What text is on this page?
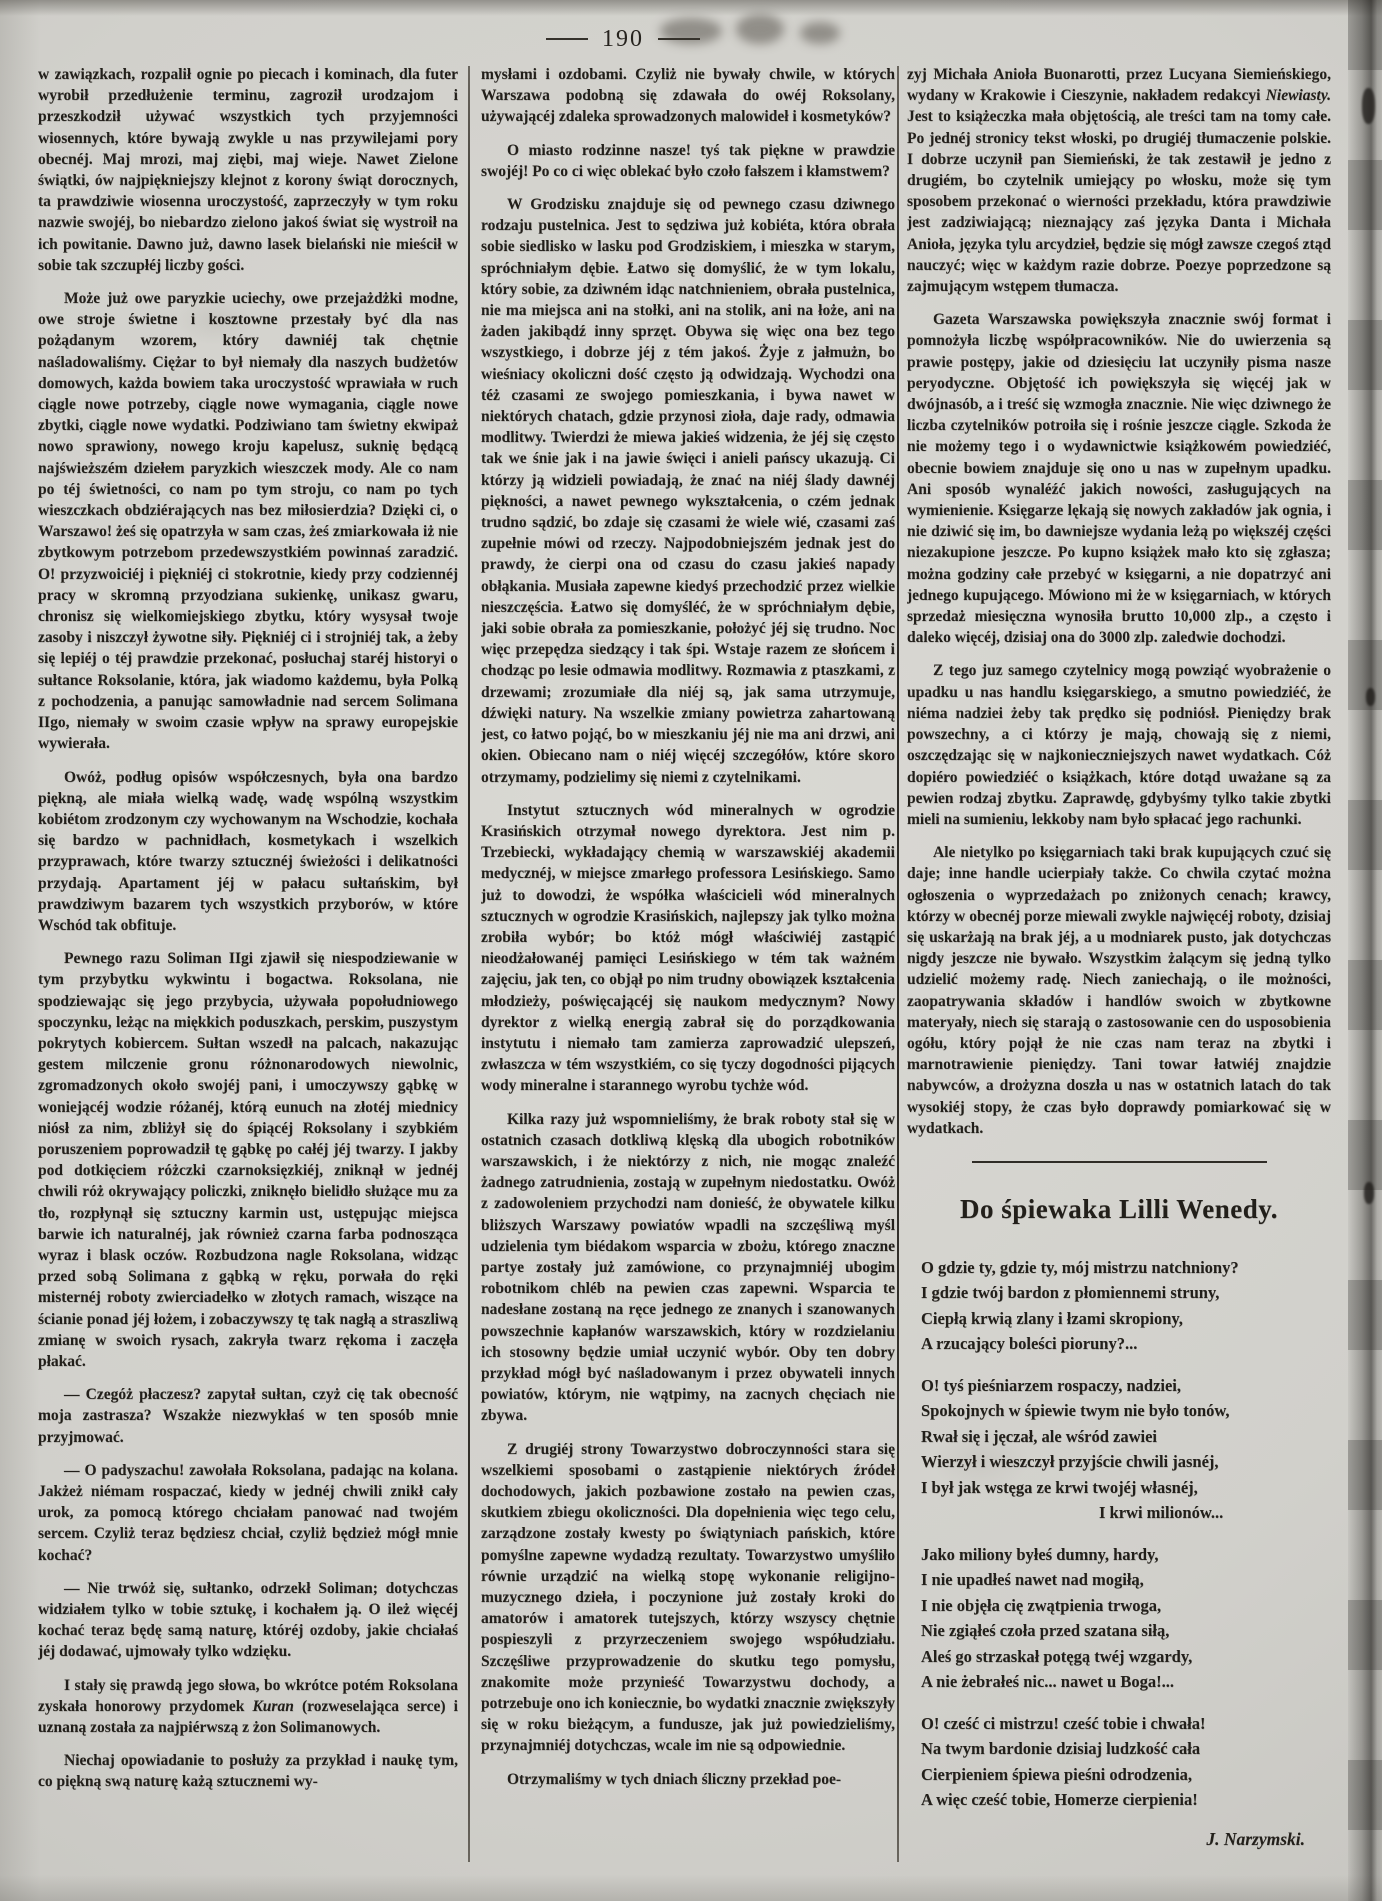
190

w zawiązkach, rozpalił ognie po piecach i kominach, dla futer wyrobił przedłużenie terminu, zagroził urodzajom i przeszkodził używać wszystkich tych przyjemności wiosennych, które bywają zwykle u nas przywilejami pory obecnéj. Maj mrozi, maj ziębi, maj wieje. Nawet Zielone świątki, ów najpiękniejszy klejnot z korony świąt dorocznych, ta prawdziwie wiosenna uroczystość, zaprzeczyły w tym roku nazwie swojéj, bo niebardzo zielono jakoś świat się wystroił na ich powitanie. Dawno już, dawno lasek bielański nie mieścił w sobie tak szczupłéj liczby gości.

Może już owe paryzkie uciechy, owe przejażdżki modne, owe stroje świetne i kosztowne przestały być dla nas pożądanym wzorem, który dawniéj tak chętnie naśladowaliśmy. Ciężar to był niemały dla naszych budżetów domowych, każda bowiem taka uroczystość wprawiała w ruch ciągle nowe potrzeby, ciągle nowe wymagania, ciągle nowe zbytki, ciągle nowe wydatki. Podziwiano tam świetny ekwipaż nowo sprawiony, nowego kroju kapelusz, suknię będącą najświeższém dziełem paryzkich wieszczek mody. Ale co nam po téj świetności, co nam po tym stroju, co nam po tych wieszczkach obdziérających nas bez miłosierdzia? Dzięki ci, o Warszawo! żeś się opatrzyła w sam czas, żeś zmiarkowała iż nie zbytkowym potrzebom przedewszystkiém powinnaś zaradzić. O! przyzwoiciéj i piękniéj ci stokrotnie, kiedy przy codziennéj pracy w skromną przyodziana sukienkę, unikasz gwaru, chronisz się wielkomiejskiego zbytku, który wysysał twoje zasoby i niszczył żywotne siły. Piękniéj ci i strojniéj tak, a żeby się lepiéj o téj prawdzie przekonać, posłuchaj staréj historyi o sułtance Roksolanie, która, jak wiadomo każdemu, była Polką z pochodzenia, a panując samowładnie nad sercem Solimana IIgo, niemały w swoim czasie wpływ na sprawy europejskie wywierała.

Owóż, podług opisów współczesnych, była ona bardzo piękną, ale miała wielką wadę, wadę wspólną wszystkim kobiétom zrodzonym czy wychowanym na Wschodzie, kochała się bardzo w pachnidłach, kosmetykach i wszelkich przyprawach, które twarzy sztucznéj świeżości i delikatności przydają. Apartament jéj w pałacu sułtańskim, był prawdziwym bazarem tych wszystkich przyborów, w które Wschód tak obfituje.

Pewnego razu Soliman IIgi zjawił się niespodziewanie w tym przybytku wykwintu i bogactwa. Roksolana, nie spodziewając się jego przybycia, używała popołudniowego spoczynku, leżąc na miękkich poduszkach, perskim, puszystym pokrytych kobiercem. Sułtan wszedł na palcach, nakazując gestem milczenie gronu różnonarodowych niewolnic, zgromadzonych około swojéj pani, i umoczywszy gąbkę w woniejącéj wodzie różanéj, którą eunuch na złotéj miednicy niósł za nim, zbliżył się do śpiącéj Roksolany i szybkiém poruszeniem poprowadził tę gąbkę po całéj jéj twarzy. I jakby pod dotkięciem różczki czarnoksięzkiéj, zniknął w jednéj chwili róż okrywający policzki, zniknęło bielidło służące mu za tło, rozpłynął się sztuczny karmin ust, ustępując miejsca barwie ich naturalnéj, jak również czarna farba podnosząca wyraz i blask oczów. Rozbudzona nagle Roksolana, widząc przed sobą Solimana z gąbką w ręku, porwała do ręki misternéj roboty zwierciadełko w złotych ramach, wiszące na ścianie ponad jéj łożem, i zobaczywszy tę tak nagłą a straszliwą zmianę w swoich rysach, zakryła twarz rękoma i zaczęła płakać.

— Czegóż płaczesz? zapytał sułtan, czyż cię tak obecność moja zastrasza? Wszakże niezwykłaś w ten sposób mnie przyjmować.

— O padyszachu! zawołała Roksolana, padając na kolana. Jakżeż niémam rospaczać, kiedy w jednéj chwili znikł cały urok, za pomocą którego chciałam panować nad twojém sercem. Czyliż teraz będziesz chciał, czyliż będzież mógł mnie kochać?

— Nie trwóż się, sułtanko, odrzekł Soliman; dotychczas widziałem tylko w tobie sztukę, i kochałem ją. O ileż więcéj kochać teraz będę samą naturę, któréj ozdoby, jakie chciałaś jéj dodawać, ujmowały tylko wdzięku.

I stały się prawdą jego słowa, bo wkrótce potém Roksolana zyskała honorowy przydomek Kuran (rozweselająca serce) i uznaną została za najpiérwszą z żon Solimanowych.

Niechaj opowiadanie to posłuży za przykład i naukę tym, co piękną swą naturę każą sztucznemi wy-

mysłami i ozdobami. Czyliż nie bywały chwile, w których Warszawa podobną się zdawała do owéj Roksolany, używającéj zdaleka sprowadzonych malowideł i kosmetyków?

O miasto rodzinne nasze! tyś tak piękne w prawdzie swojéj! Po co ci więc oblekać było czoło fałszem i kłamstwem?

W Grodzisku znajduje się od pewnego czasu dziwnego rodzaju pustelnica. Jest to sędziwa już kobiéta, która obrała sobie siedlisko w lasku pod Grodziskiem, i mieszka w starym, spróchniałym dębie. Łatwo się domyślić, że w tym lokalu, który sobie, za dziwném idąc natchnieniem, obrała pustelnica, nie ma miejsca ani na stołki, ani na stolik, ani na łoże, ani na żaden jakibądź inny sprzęt. Obywa się więc ona bez tego wszystkiego, i dobrze jéj z tém jakoś. Żyje z jałmużn, bo wieśniacy okoliczni dość często ją odwidzają. Wychodzi ona téż czasami ze swojego pomieszkania, i bywa nawet w niektórych chatach, gdzie przynosi zioła, daje rady, odmawia modlitwy. Twierdzi że miewa jakieś widzenia, że jéj się często tak we śnie jak i na jawie święci i anieli pańscy ukazują. Ci którzy ją widzieli powiadają, że znać na niéj ślady dawnéj piękności, a nawet pewnego wykształcenia, o czém jednak trudno sądzić, bo zdaje się czasami że wiele wié, czasami zaś zupełnie mówi od rzeczy. Najpodobniejszém jednak jest do prawdy, że cierpi ona od czasu do czasu jakieś napady obłąkania. Musiała zapewne kiedyś przechodzić przez wielkie nieszczęścia. Łatwo się domyśléć, że w spróchniałym dębie, jaki sobie obrała za pomieszkanie, położyć jéj się trudno. Noc więc przepędza siedzący i tak śpi. Wstaje razem ze słońcem i chodząc po lesie odmawia modlitwy. Rozmawia z ptaszkami, z drzewami; zrozumiałe dla niéj są, jak sama utrzymuje, dźwięki natury. Na wszelkie zmiany powietrza zahartowaną jest, co łatwo pojąć, bo w mieszkaniu jéj nie ma ani drzwi, ani okien. Obiecano nam o niéj więcéj szczegółów, które skoro otrzymamy, podzielimy się niemi z czytelnikami.

Instytut sztucznych wód mineralnych w ogrodzie Krasińskich otrzymał nowego dyrektora. Jest nim p. Trzebiecki, wykładający chemią w warszawskiéj akademii medycznéj, w miejsce zmarłego professora Lesińskiego. Samo już to dowodzi, że współka właścicieli wód mineralnych sztucznych w ogrodzie Krasińskich, najlepszy jak tylko można zrobiła wybór; bo któż mógł właściwiéj zastąpić nieodżałowanéj pamięci Lesińskiego w tém tak ważném zajęciu, jak ten, co objął po nim trudny obowiązek kształcenia młodzieży, poświęcającéj się naukom medycznym? Nowy dyrektor z wielką energią zabrał się do porządkowania instytutu i niemało tam zamierza zaprowadzić ulepszeń, zwłaszcza w tém wszystkiém, co się tyczy dogodności pijących wody mineralne i starannego wyrobu tychże wód.

Kilka razy już wspomnieliśmy, że brak roboty stał się w ostatnich czasach dotkliwą klęską dla ubogich robotników warszawskich, i że niektórzy z nich, nie mogąc znaleźć żadnego zatrudnienia, zostają w zupełnym niedostatku. Owóż z zadowoleniem przychodzi nam donieść, że obywatele kilku bliższych Warszawy powiatów wpadli na szczęśliwą myśl udzielenia tym biédakom wsparcia w zbożu, którego znaczne partye zostały już zamówione, co przynajmniéj ubogim robotnikom chléb na pewien czas zapewni. Wsparcia te nadesłane zostaną na ręce jednego ze znanych i szanowanych powszechnie kapłanów warszawskich, który w rozdzielaniu ich stosowny będzie umiał uczynić wybór. Oby ten dobry przykład mógł być naśladowanym i przez obywateli innych powiatów, którym, nie wątpimy, na zacnych chęciach nie zbywa.

Z drugiéj strony Towarzystwo dobroczynności stara się wszelkiemi sposobami o zastąpienie niektórych źródeł dochodowych, jakich pozbawione zostało na pewien czas, skutkiem zbiegu okoliczności. Dla dopełnienia więc tego celu, zarządzone zostały kwesty po świątyniach pańskich, które pomyślne zapewne wydadzą rezultaty. Towarzystwo umyśliło równie urządzić na wielką stopę wykonanie religijno-muzycznego dzieła, i poczynione już zostały kroki do amatorów i amatorek tutejszych, którzy wszyscy chętnie pospieszyli z przyrzeczeniem swojego współudziału. Szczęśliwe przyprowadzenie do skutku tego pomysłu, znakomite może przynieść Towarzystwu dochody, a potrzebuje ono ich koniecznie, bo wydatki znacznie zwiększyły się w roku bieżącym, a fundusze, jak już powiedzieliśmy, przynajmniéj dotychczas, wcale im nie są odpowiednie.

Otrzymaliśmy w tych dniach śliczny przekład poe-

zyj Michała Anioła Buonarotti, przez Lucyana Siemieńskiego, wydany w Krakowie i Cieszynie, nakładem redakcyi Niewiasty. Jest to książeczka mała objętością, ale treści tam na tomy całe. Po jednéj stronicy tekst włoski, po drugiéj tłumaczenie polskie. I dobrze uczynił pan Siemieński, że tak zestawił je jedno z drugiém, bo czytelnik umiejący po włosku, może się tym sposobem przekonać o wierności przekładu, która prawdziwie jest zadziwiającą; nieznający zaś języka Danta i Michała Anioła, języka tylu arcydzieł, będzie się mógł zawsze czegoś ztąd nauczyć; więc w każdym razie dobrze. Poezye poprzedzone są zajmującym wstępem tłumacza.

Gazeta Warszawska powiększyła znacznie swój format i pomnożyła liczbę współpracowników. Nie do uwierzenia są prawie postępy, jakie od dziesięciu lat uczyniły pisma nasze peryodyczne. Objętość ich powiększyła się więcéj jak w dwójnasób, a i treść się wzmogła znacznie. Nie więc dziwnego że liczba czytelników potroiła się i rośnie jeszcze ciągle. Szkoda że nie możemy tego i o wydawnictwie książkowém powiedziéć, obecnie bowiem znajduje się ono u nas w zupełnym upadku. Ani sposób wynaléźć jakich nowości, zasługujących na wymienienie. Księgarze lękają się nowych zakładów jak ognia, i nie dziwić się im, bo dawniejsze wydania leżą po większéj części niezakupione jeszcze. Po kupno książek mało kto się zgłasza; można godziny całe przebyć w księgarni, a nie dopatrzyć ani jednego kupującego. Mówiono mi że w księgarniach, w których sprzedaż miesięczna wynosiła brutto 10,000 zlp., a często i daleko więcéj, dzisiaj ona do 3000 zlp. zaledwie dochodzi.

Z tego juz samego czytelnicy mogą powziąć wyobrażenie o upadku u nas handlu księgarskiego, a smutno powiedziéć, że niéma nadziei żeby tak prędko się podniósł. Pieniędzy brak powszechny, a ci którzy je mają, chowają się z niemi, oszczędzając się w najkonieczniejszych nawet wydatkach. Cóż dopiéro powiedziéć o książkach, które dotąd uważane są za pewien rodzaj zbytku. Zaprawdę, gdybyśmy tylko takie zbytki mieli na sumieniu, lekkoby nam było spłacać jego rachunki.

Ale nietylko po księgarniach taki brak kupujących czuć się daje; inne handle ucierpiały także. Co chwila czytać można ogłoszenia o wyprzedażach po zniżonych cenach; krawcy, którzy w obecnéj porze miewali zwykle najwięcéj roboty, dzisiaj się uskarżają na brak jéj, a u modniarek pusto, jak dotychczas nigdy jeszcze nie bywało. Wszystkim żalącym się jedną tylko udzielić możemy radę. Niech zaniechają, o ile możności, zaopatrywania składów i handlów swoich w zbytkowne materyały, niech się starają o zastosowanie cen do usposobienia ogółu, który pojął że nie czas nam teraz na zbytki i marnotrawienie pieniędzy. Tani towar łatwiéj znajdzie nabywców, a drożyzna doszła u nas w ostatnich latach do tak wysokiéj stopy, że czas było doprawdy pomiarkować się w wydatkach.

Do śpiewaka Lilli Wenedy.
O gdzie ty, gdzie ty, mój mistrzu natchniony?
I gdzie twój bardon z płomiennemi struny,
Ciepłą krwią zlany i łzami skropiony,
A rzucający boleści pioruny?...
O! tyś pieśniarzem rospaczy, nadziei,
Spokojnych w śpiewie twym nie było tonów,
Rwał się i jęczał, ale wśród zawiei
Wierzył i wieszczył przyjście chwili jasnéj,
I był jak wstęga ze krwi twojéj własnéj,
I krwi milionów...
Jako miliony byłeś dumny, hardy,
I nie upadłeś nawet nad mogiłą,
I nie objęła cię zwątpienia trwoga,
Nie zgiąłeś czoła przed szatana siłą,
Aleś go strzaskał potęgą twéj wzgardy,
A nie żebrałeś nic... nawet u Boga!...
O! cześć ci mistrzu! cześć tobie i chwała!
Na twym bardonie dzisiaj ludzkość cała
Cierpieniem śpiewa pieśni odrodzenia,
A więc cześć tobie, Homerze cierpienia!
J. Narzymski.
